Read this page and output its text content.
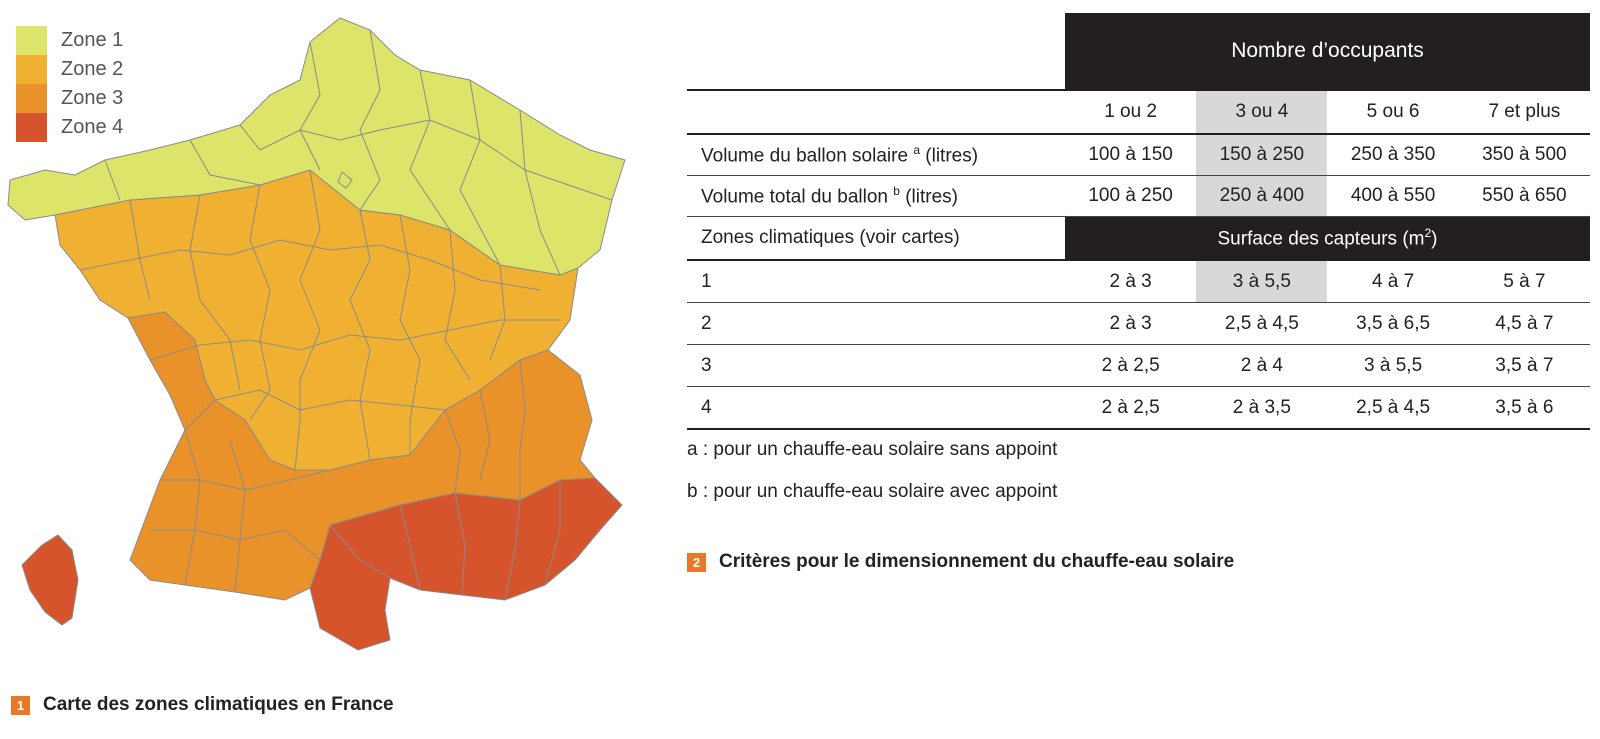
Zone 1
Zone 2
Zone 3
Zone 4
1 Carte des zones climatiques en France
	Nombre d’occupants			
	1 ou 2	3 ou 4	5 ou 6	7 et plus
Volume du ballon solaire $^a$ (litres)	100 à 150	150 à 250	250 à 350	350 à 500
Volume total du ballon $^b$ (litres)	100 à 250	250 à 400	400 à 550	550 à 650
Zones climatiques (voir cartes)	Surface des capteurs $(m^2)$			
1	2 à 3	3 à 5,5	4 à 7	5 à 7
2	2 à 3	2,5 à 4,5	3,5 à 6,5	4,5 à 7
3	2 à 2,5	2 à 4	3 à 5,5	3,5 à 7
4	2 à 2,5	2 à 3,5	2,5 à 4,5	3,5 à 6
a : pour un chauffe-eau solaire sans appoint
b : pour un chauffe-eau solaire avec appoint
2 Critères pour le dimensionnement du chauffe-eau solaire
